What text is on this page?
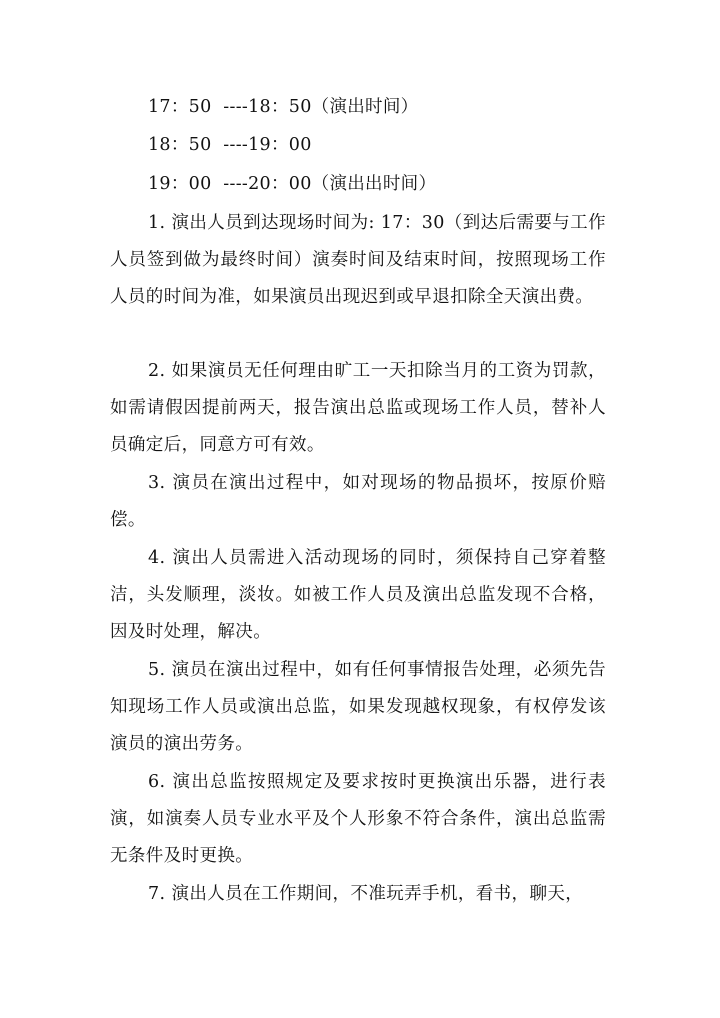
17：50  ----18：50（演出时间）
18：50  ----19：00
19：00  ----20：00（演出出时间）
1. 演出人员到达现场时间为: 17：30（到达后需要与工作人员签到做为最终时间）演奏时间及结束时间，按照现场工作人员的时间为准，如果演员出现迟到或早退扣除全天演出费。
2. 如果演员无任何理由旷工一天扣除当月的工资为罚款，如需请假因提前两天，报告演出总监或现场工作人员，替补人员确定后，同意方可有效。
3. 演员在演出过程中，如对现场的物品损坏，按原价赔偿。
4. 演出人员需进入活动现场的同时，须保持自己穿着整洁，头发顺理，淡妆。如被工作人员及演出总监发现不合格，因及时处理，解决。
5. 演员在演出过程中，如有任何事情报告处理，必须先告知现场工作人员或演出总监，如果发现越权现象，有权停发该演员的演出劳务。
6. 演出总监按照规定及要求按时更换演出乐器，进行表演，如演奏人员专业水平及个人形象不符合条件，演出总监需无条件及时更换。
7. 演出人员在工作期间，不准玩弄手机，看书，聊天，
